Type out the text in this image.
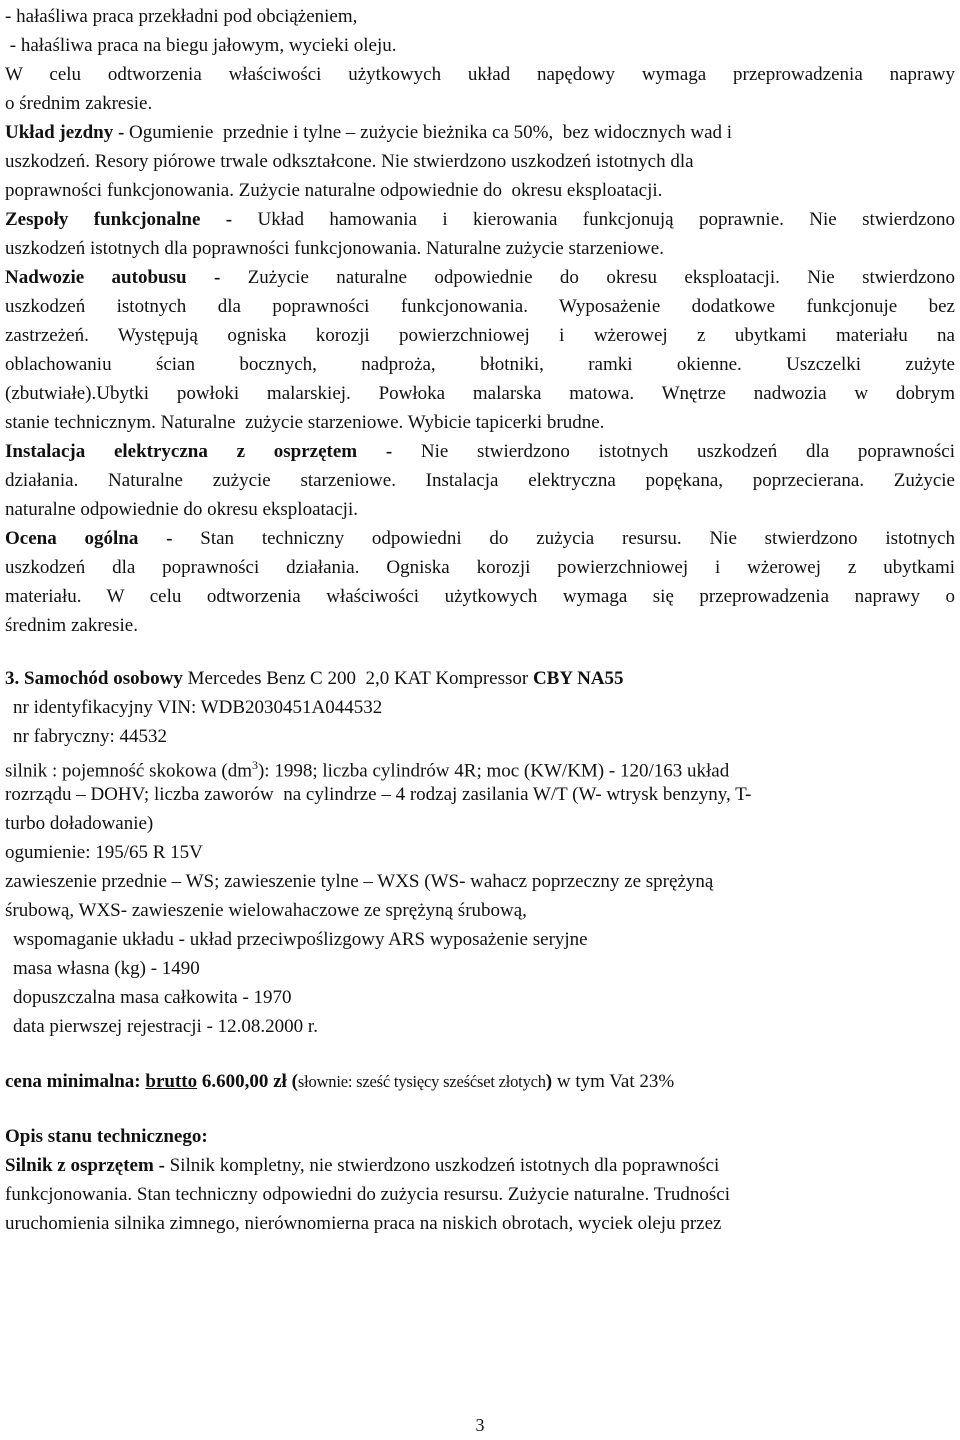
- hałaśliwa praca przekładni pod obciążeniem,
- hałaśliwa praca na biegu jałowym, wycieki oleju.
W celu odtworzenia właściwości użytkowych układ napędowy wymaga przeprowadzenia naprawy
o średnim zakresie.
Układ jezdny - Ogumienie  przednie i tylne – zużycie bieżnika ca 50%,  bez widocznych wad i
uszkodzeń. Resory piórowe trwale odkształcone. Nie stwierdzono uszkodzeń istotnych dla
poprawności funkcjonowania. Zużycie naturalne odpowiednie do  okresu eksploatacji.
Zespoły funkcjonalne - Układ hamowania i kierowania funkcjonują poprawnie. Nie stwierdzono
uszkodzeń istotnych dla poprawności funkcjonowania. Naturalne zużycie starzeniowe.
Nadwozie autobusu - Zużycie naturalne odpowiednie do okresu eksploatacji. Nie stwierdzono
uszkodzeń istotnych dla poprawności funkcjonowania. Wyposażenie dodatkowe funkcjonuje bez
zastrzeżeń. Występują ogniska korozji powierzchniowej i wżerowej z ubytkami materiału na
oblachowaniu ścian bocznych, nadproża, błotniki, ramki okienne. Uszczelki zużyte
(zbutwiałe).Ubytki powłoki malarskiej. Powłoka malarska matowa. Wnętrze nadwozia w dobrym
stanie technicznym. Naturalne  zużycie starzeniowe. Wybicie tapicerki brudne.
Instalacja elektryczna z osprzętem - Nie stwierdzono istotnych uszkodzeń dla poprawności
działania. Naturalne zużycie starzeniowe. Instalacja elektryczna popękana, poprzecierana. Zużycie
naturalne odpowiednie do okresu eksploatacji.
Ocena ogólna - Stan techniczny odpowiedni do zużycia resursu. Nie stwierdzono istotnych
uszkodzeń dla poprawności działania. Ogniska korozji powierzchniowej i wżerowej z ubytkami
materiału. W celu odtworzenia właściwości użytkowych wymaga się przeprowadzenia naprawy o
średnim zakresie.
3. Samochód osobowy Mercedes Benz C 200  2,0 KAT Kompressor CBY NA55
nr identyfikacyjny VIN: WDB2030451A044532
nr fabryczny: 44532
silnik : pojemność skokowa $(dm^3)$: 1998; liczba cylindrów 4R; moc (KW/KM) - 120/163 układ
rozrządu – DOHV; liczba zaworów  na cylindrze – 4 rodzaj zasilania W/T (W- wtrysk benzyny, T-
turbo doładowanie)
ogumienie: 195/65 R 15V
zawieszenie przednie – WS; zawieszenie tylne – WXS (WS- wahacz poprzeczny ze sprężyną
śrubową, WXS- zawieszenie wielowahaczowe ze sprężyną śrubową,
wspomaganie układu - układ przeciwpoślizgowy ARS wyposażenie seryjne
masa własna (kg) - 1490
dopuszczalna masa całkowita - 1970
data pierwszej rejestracji - 12.08.2000 r.
cena minimalna: brutto 6.600,00 zł (słownie: sześć tysięcy sześćset złotych) w tym Vat 23%
Opis stanu technicznego:
Silnik z osprzętem - Silnik kompletny, nie stwierdzono uszkodzeń istotnych dla poprawności
funkcjonowania. Stan techniczny odpowiedni do zużycia resursu. Zużycie naturalne. Trudności
uruchomienia silnika zimnego, nierównomierna praca na niskich obrotach, wyciek oleju przez
3
